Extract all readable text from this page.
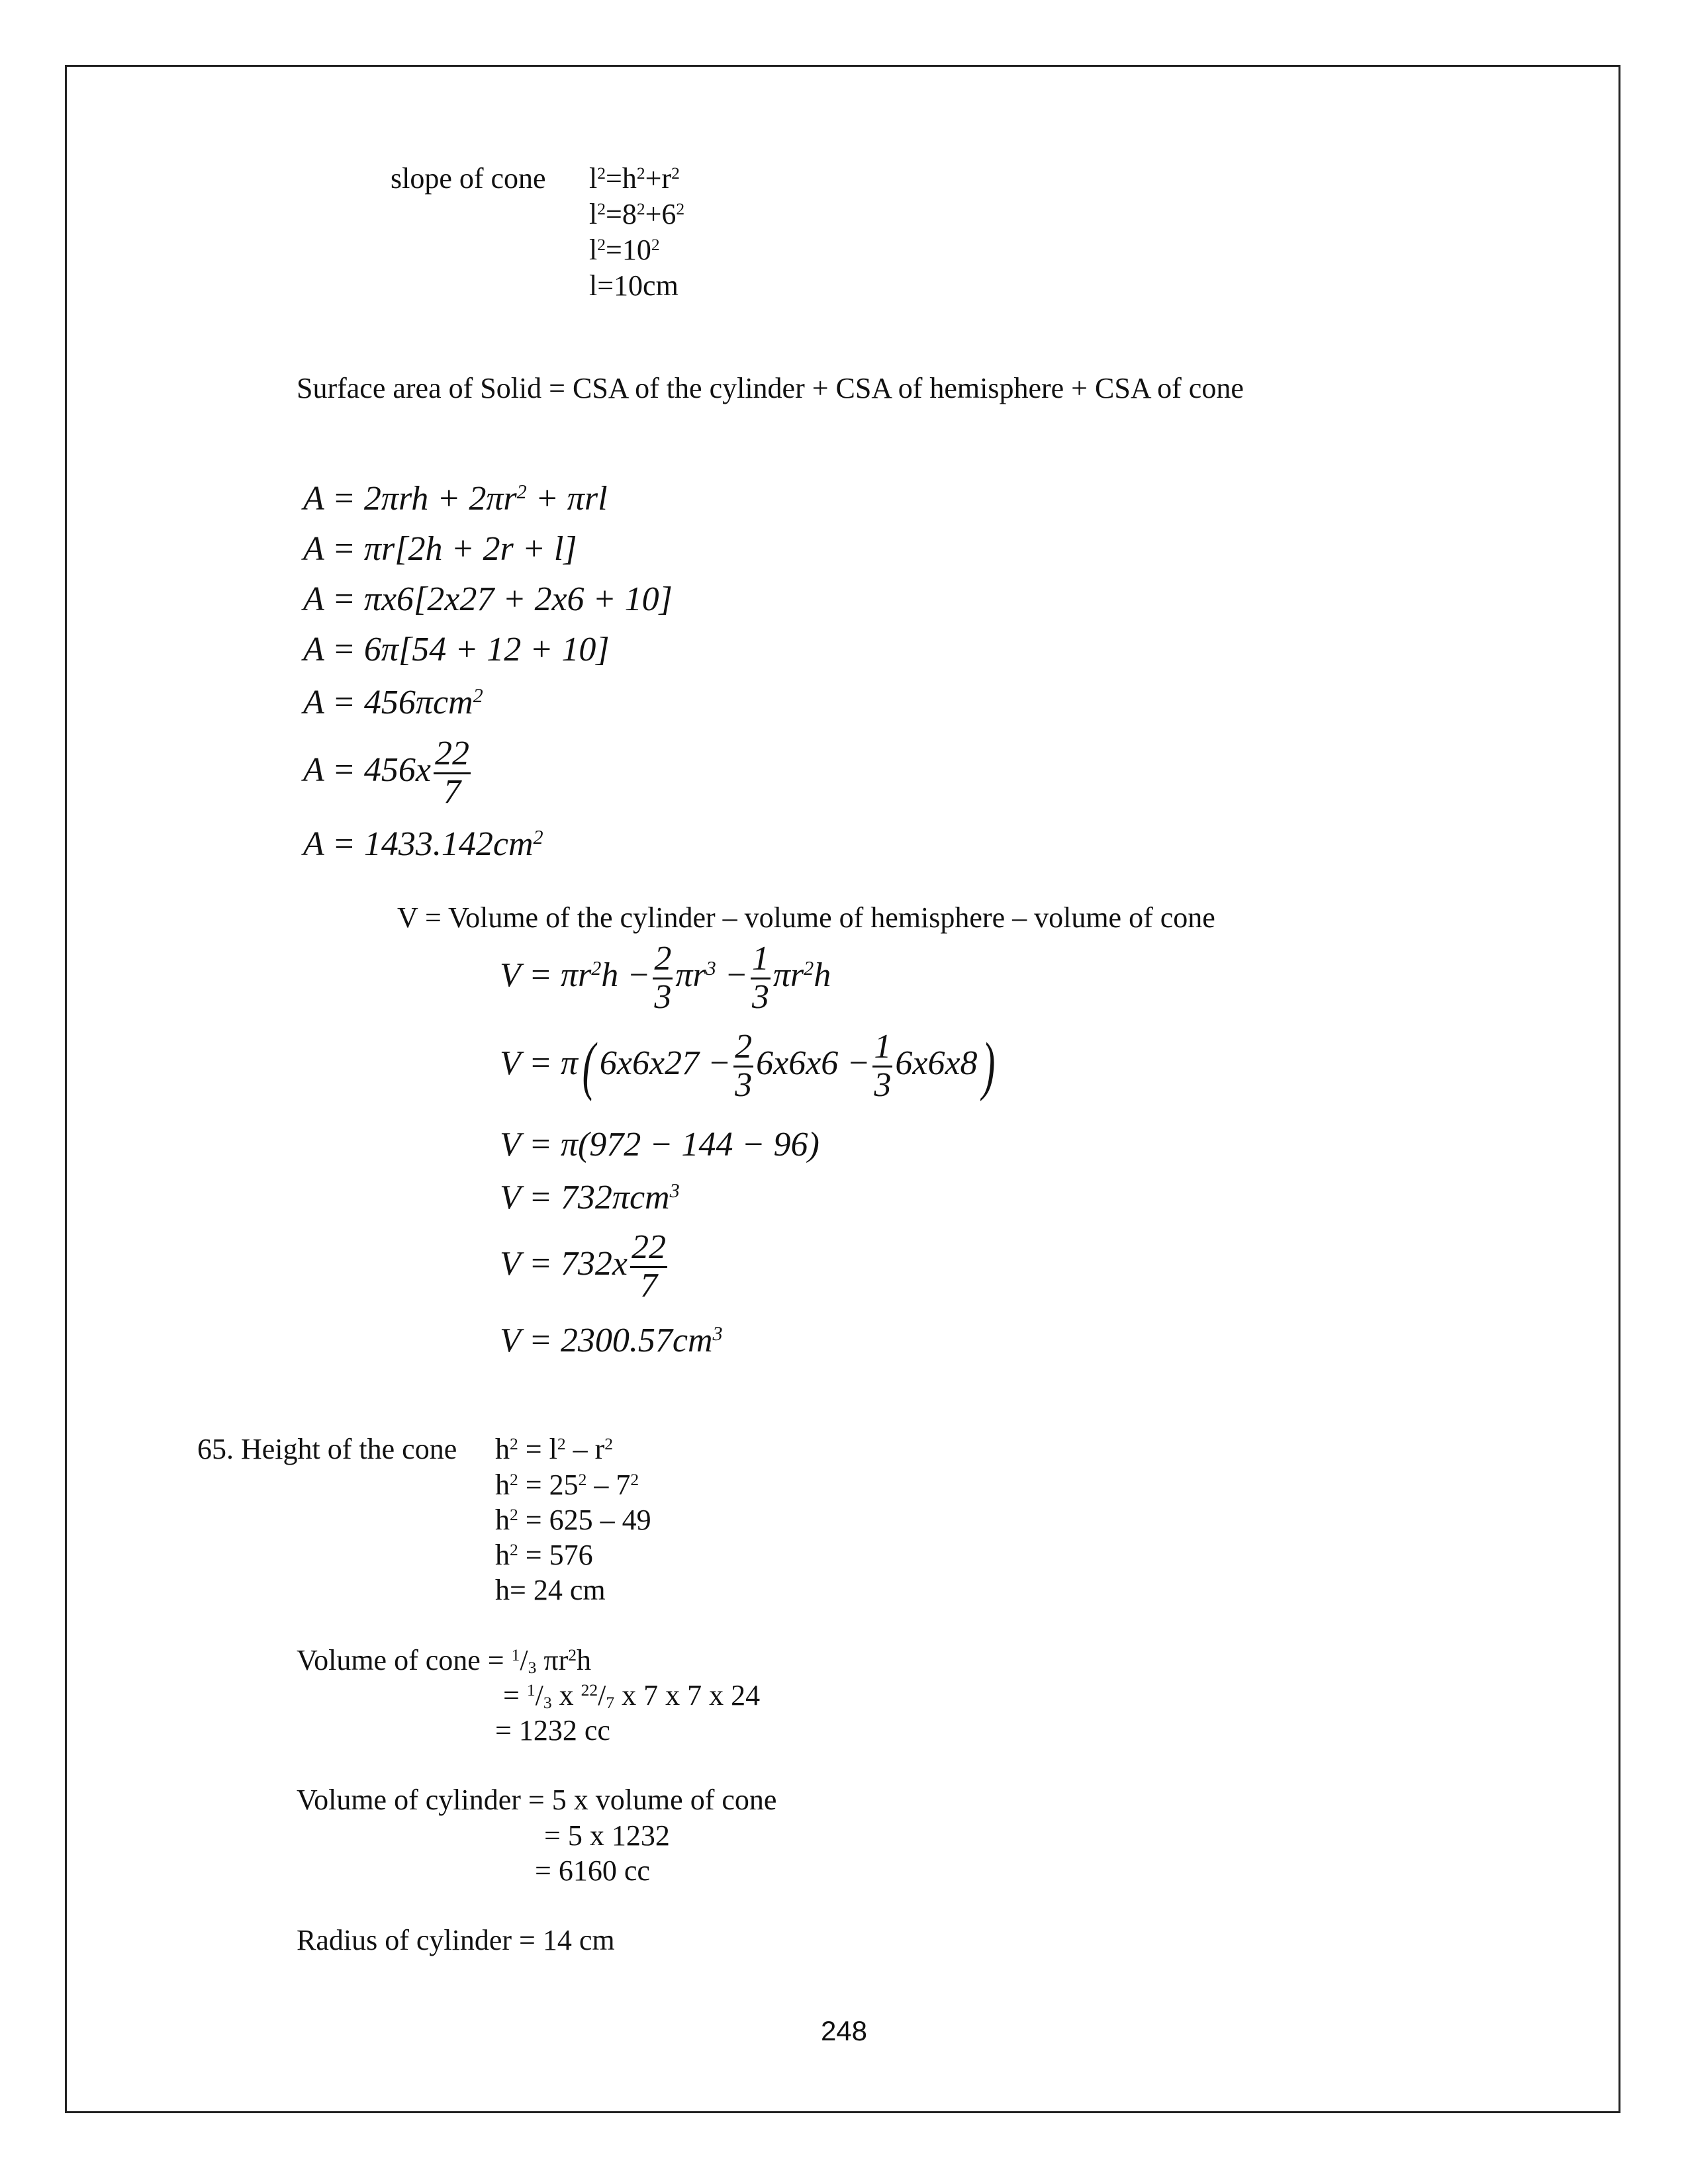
slope of cone $l^2=h^2+r^2$
$l^2=8^2+6^2$
$l^2=10^2$
l=10cm
Surface area of Solid = CSA of the cylinder + CSA of hemisphere + CSA of cone
$A = 2\pi rh + 2\pi r^2 + \pi rl$
A = πr[2h + 2r + l]
A = πx6[2x27 + 2x6 + 10]
A = 6π[54 + 12 + 10]
A = 456πcm$^2$
$A = 456x \frac{22}{7}$
$A = 1433.142cm^2$
V = Volume of the cylinder – volume of hemisphere – volume of cone
$V = \pi r^2h - \frac{2}{3} \pi r^3 - \frac{1}{3} \pi r^2h$
V = π( $6x6x27 - \frac{2}{3} 6x6x6 - \frac{1}{3} 6x6x8$)
V = π(972 − 144 − 96)
V = 732πcm$^3$
$V = 732x \frac{22}{7}$
$V = 2300.57cm^3$
65. Height of the cone $h^2 = l^2 - r^2$
$h^2 = 25^2 - 7^2$
$h^2 = 625 - 49$
$h^2 = 576$
h= 24 cm
Volume of cone = $^1/_3$ $\pi r^2h$
= $^1/_3$ x $^{22}/_7$ x 7 x 7 x 24
= 1232 cc
Volume of cylinder = 5 x volume of cone
= 5 x 1232
= 6160 cc
Radius of cylinder = 14 cm
248
